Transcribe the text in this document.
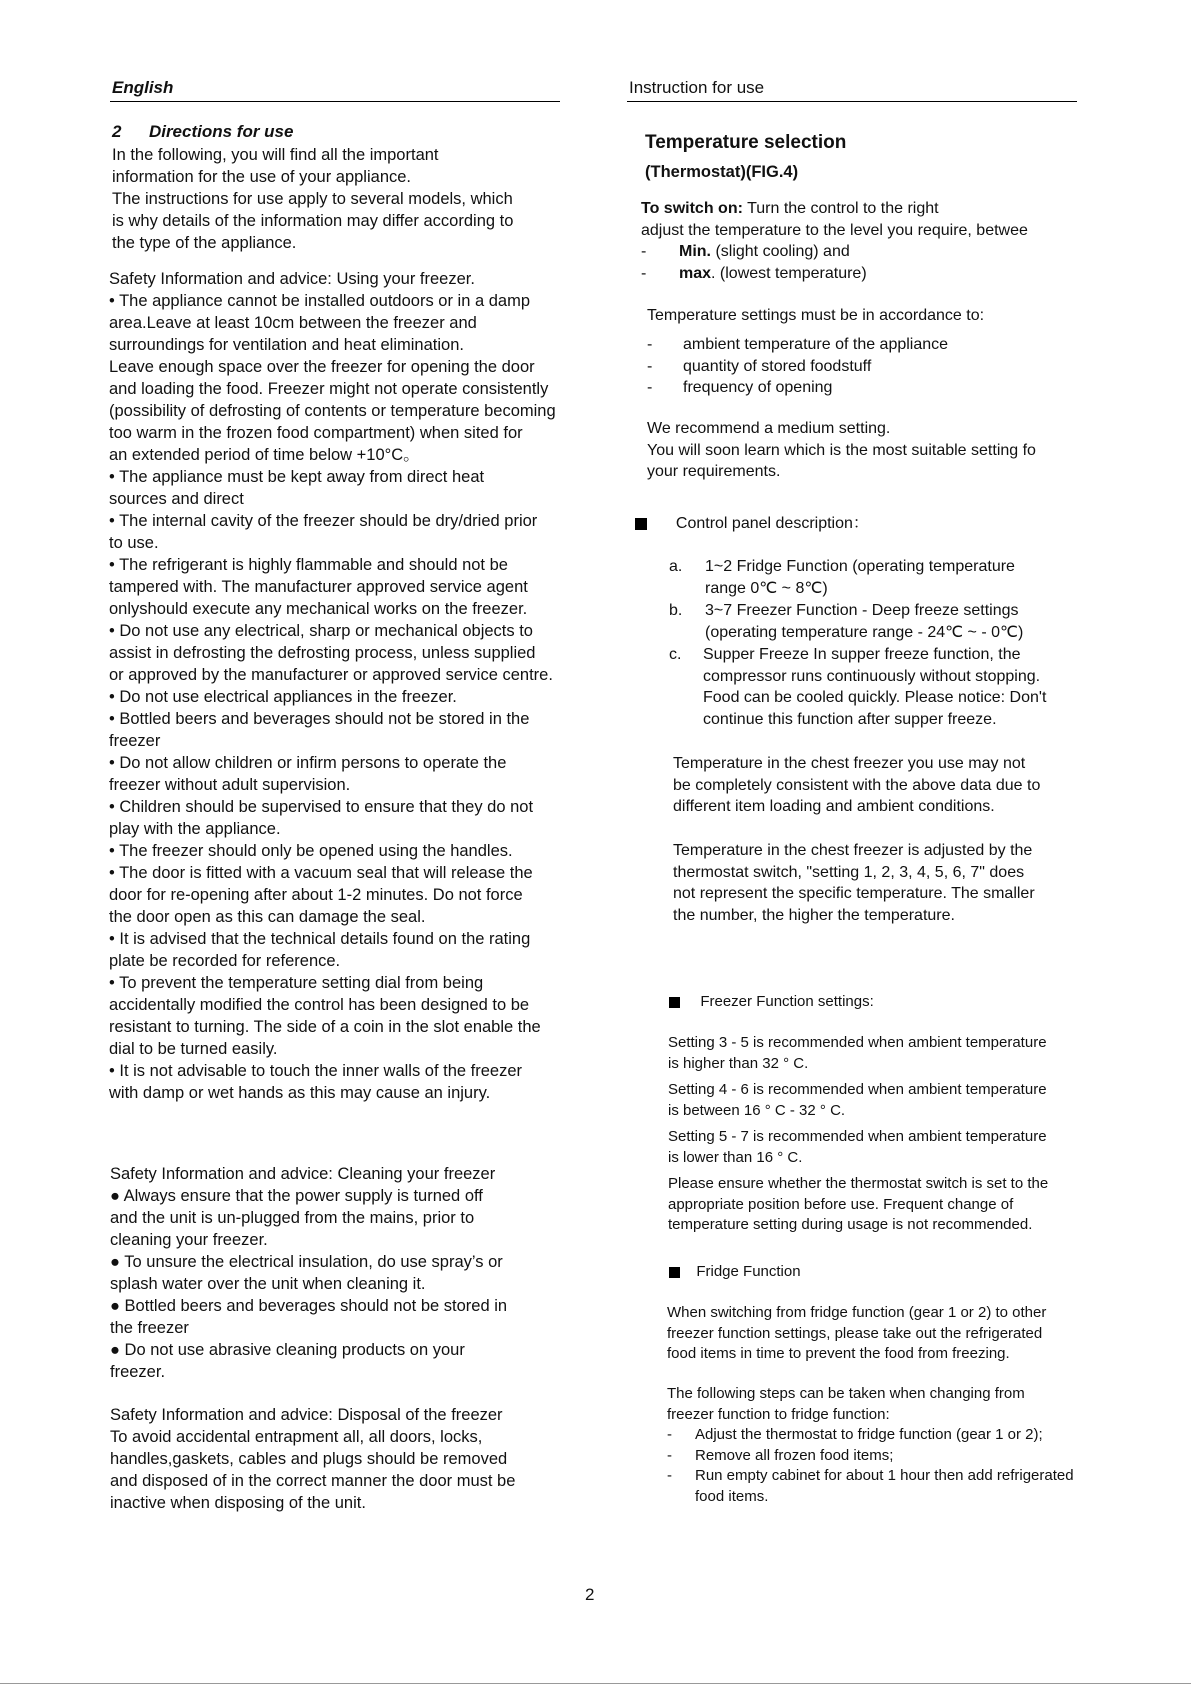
English	Instruction for use
2 Directions for use
In the following, you will find all the important
information for the use of your appliance.
The instructions for use apply to several models, which
is why details of the information may differ according to
the type of the appliance.
Safety Information and advice: Using your freezer.
• The appliance cannot be installed outdoors or in a damp
area.Leave at least 10cm between the freezer and
surroundings for ventilation and heat elimination.
Leave enough space over the freezer for opening the door
and loading the food. Freezer might not operate consistently
(possibility of defrosting of contents or temperature becoming
too warm in the frozen food compartment) when sited for
an extended period of time below +10°C。
• The appliance must be kept away from direct heat
sources and direct
• The internal cavity of the freezer should be dry/dried prior
to use.
• The refrigerant is highly flammable and should not be
tampered with. The manufacturer approved service agent
onlyshould execute any mechanical works on the freezer.
• Do not use any electrical, sharp or mechanical objects to
assist in defrosting the defrosting process, unless supplied
or approved by the manufacturer or approved service centre.
• Do not use electrical appliances in the freezer.
• Bottled beers and beverages should not be stored in the
freezer
• Do not allow children or infirm persons to operate the
freezer without adult supervision.
• Children should be supervised to ensure that they do not
play with the appliance.
• The freezer should only be opened using the handles.
• The door is fitted with a vacuum seal that will release the
door for re-opening after about 1-2 minutes. Do not force
the door open as this can damage the seal.
• It is advised that the technical details found on the rating
plate be recorded for reference.
• To prevent the temperature setting dial from being
accidentally modified the control has been designed to be
resistant to turning. The side of a coin in the slot enable the
dial to be turned easily.
• It is not advisable to touch the inner walls of the freezer
with damp or wet hands as this may cause an injury.
Safety Information and advice: Cleaning your freezer
● Always ensure that the power supply is turned off
and the unit is un-plugged from the mains, prior to
cleaning your freezer.
● To unsure the electrical insulation, do use spray’s or
splash water over the unit when cleaning it.
● Bottled beers and beverages should not be stored in
the freezer
● Do not use abrasive cleaning products on your
freezer.
Safety Information and advice: Disposal of the freezer
To avoid accidental entrapment all, all doors, locks,
handles,gaskets, cables and plugs should be removed
and disposed of in the correct manner the door must be
inactive when disposing of the unit.
Temperature selection
(Thermostat)(FIG.4)
To switch on: Turn the control to the right
adjust the temperature to the level you require, betwee
- Min. (slight cooling) and
- max. (lowest temperature)
Temperature settings must be in accordance to:
- ambient temperature of the appliance
- quantity of stored foodstuff
- frequency of opening
We recommend a medium setting.
You will soon learn which is the most suitable setting fo
your requirements.
Control panel description：
a. 1~2 Fridge Function (operating temperature
range 0℃ ~ 8℃)
b. 3~7 Freezer Function - Deep freeze settings
(operating temperature range - 24℃ ~ - 0℃)
c. Supper Freeze In supper freeze function, the
compressor runs continuously without stopping.
Food can be cooled quickly. Please notice: Don't
continue this function after supper freeze.
Temperature in the chest freezer you use may not
be completely consistent with the above data due to
different item loading and ambient conditions.
Temperature in the chest freezer is adjusted by the
thermostat switch, "setting 1, 2, 3, 4, 5, 6, 7" does
not represent the specific temperature. The smaller
the number, the higher the temperature.
Freezer Function settings:
Setting 3 - 5 is recommended when ambient temperature
is higher than 32 ° C.
Setting 4 - 6 is recommended when ambient temperature
is between 16 ° C - 32 ° C.
Setting 5 - 7 is recommended when ambient temperature
is lower than 16 ° C.
Please ensure whether the thermostat switch is set to the
appropriate position before use. Frequent change of
temperature setting during usage is not recommended.
Fridge Function
When switching from fridge function (gear 1 or 2) to other
freezer function settings, please take out the refrigerated
food items in time to prevent the food from freezing.
The following steps can be taken when changing from
freezer function to fridge function:
- Adjust the thermostat to fridge function (gear 1 or 2);
- Remove all frozen food items;
- Run empty cabinet for about 1 hour then add refrigerated
food items.
2
